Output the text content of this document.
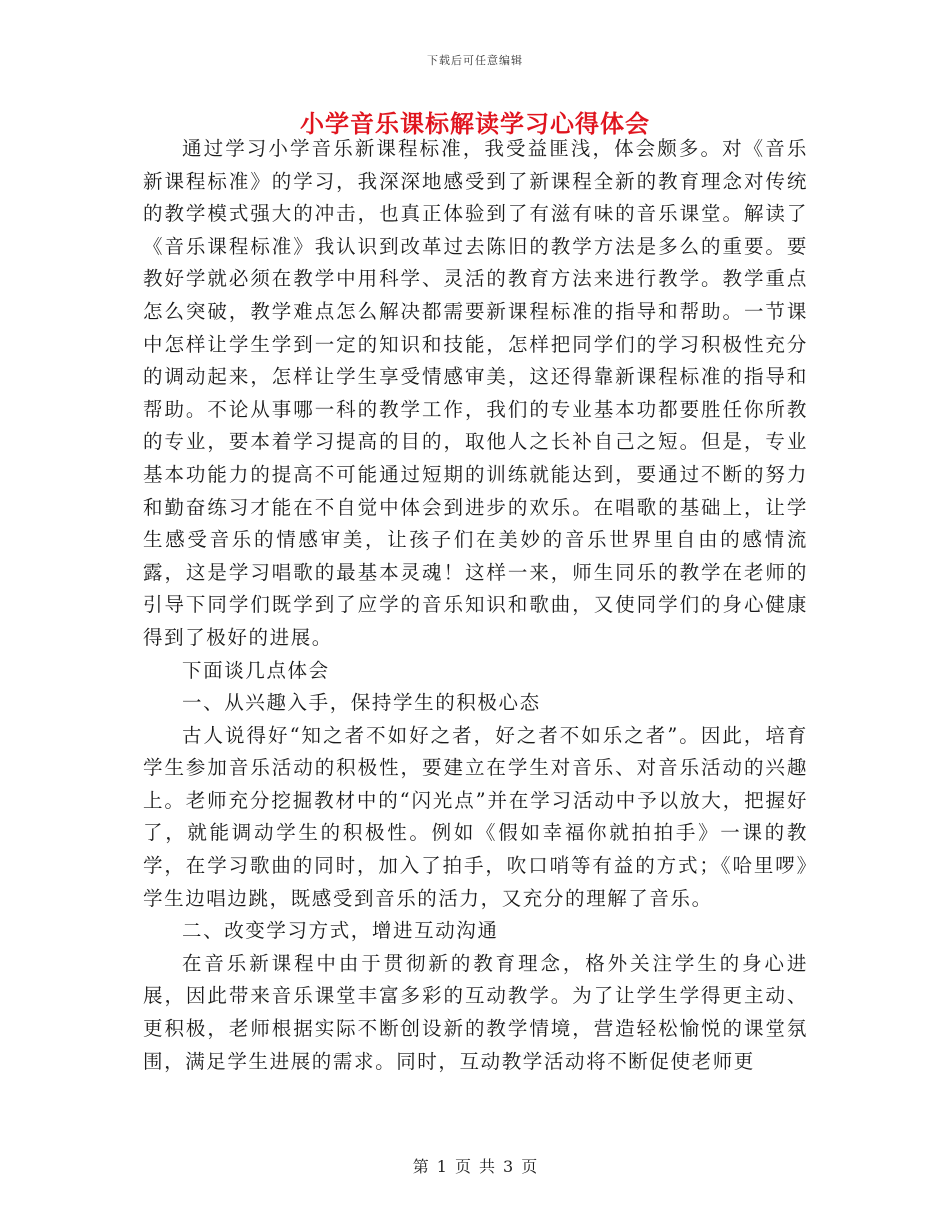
下载后可任意编辑
小学音乐课标解读学习心得体会

通过学习小学音乐新课程标准，我受益匪浅，体会颇多。对《音乐新课程标准》的学习，我深深地感受到了新课程全新的教育理念对传统的教学模式强大的冲击，也真正体验到了有滋有味的音乐课堂。解读了《音乐课程标准》我认识到改革过去陈旧的教学方法是多么的重要。要教好学就必须在教学中用科学、灵活的教育方法来进行教学。教学重点怎么突破，教学难点怎么解决都需要新课程标准的指导和帮助。一节课中怎样让学生学到一定的知识和技能，怎样把同学们的学习积极性充分的调动起来，怎样让学生享受情感审美，这还得靠新课程标准的指导和帮助。不论从事哪一科的教学工作，我们的专业基本功都要胜任你所教的专业，要本着学习提高的目的，取他人之长补自己之短。但是，专业基本功能力的提高不可能通过短期的训练就能达到，要通过不断的努力和勤奋练习才能在不自觉中体会到进步的欢乐。在唱歌的基础上，让学生感受音乐的情感审美，让孩子们在美妙的音乐世界里自由的感情流露，这是学习唱歌的最基本灵魂！这样一来，师生同乐的教学在老师的引导下同学们既学到了应学的音乐知识和歌曲，又使同学们的身心健康得到了极好的进展。

下面谈几点体会

一、从兴趣入手，保持学生的积极心态

古人说得好“知之者不如好之者，好之者不如乐之者”。因此，培育学生参加音乐活动的积极性，要建立在学生对音乐、对音乐活动的兴趣上。老师充分挖掘教材中的“闪光点”并在学习活动中予以放大，把握好了，就能调动学生的积极性。例如《假如幸福你就拍拍手》一课的教学，在学习歌曲的同时，加入了拍手，吹口哨等有益的方式；《哈里啰》学生边唱边跳，既感受到音乐的活力，又充分的理解了音乐。

二、改变学习方式，增进互动沟通

在音乐新课程中由于贯彻新的教育理念，格外关注学生的身心进展，因此带来音乐课堂丰富多彩的互动教学。为了让学生学得更主动、更积极，老师根据实际不断创设新的教学情境，营造轻松愉悦的课堂氛围，满足学生进展的需求。同时，互动教学活动将不断促使老师更

第 1 页 共 3 页
